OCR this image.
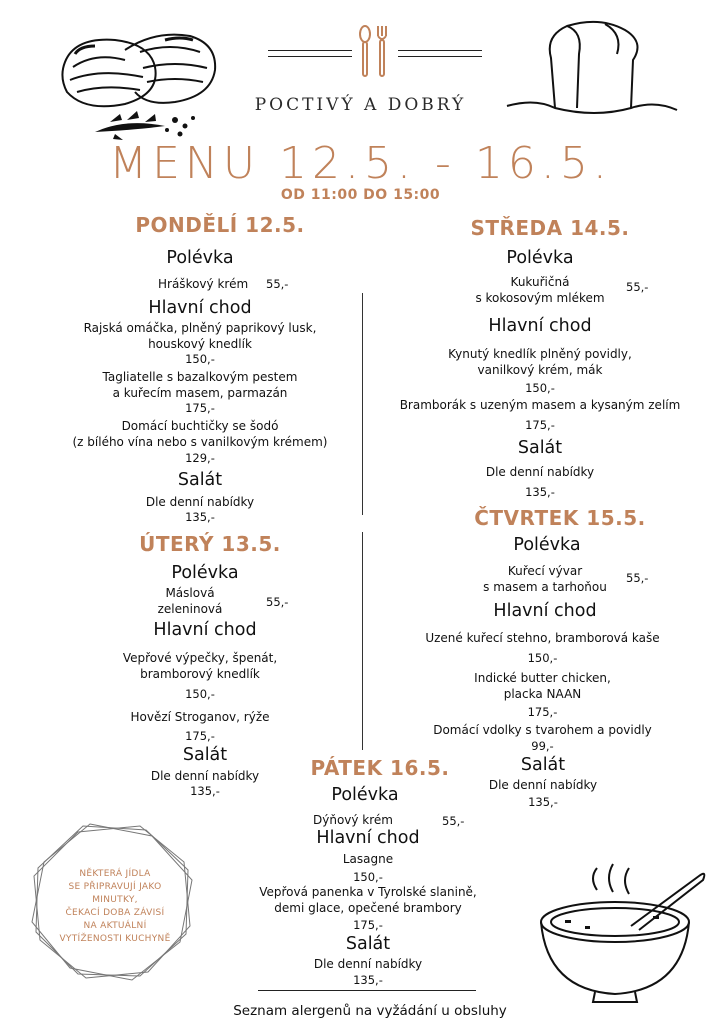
POCTIVÝ A DOBRÝ
MENU 12.5. - 16.5.
OD 11:00 DO 15:00
PONDĚLÍ 12.5.
Polévka
Hráškový krém 55,-
Hlavní chod
Rajská omáčka, plněný paprikový lusk,
houskový knedlík
150,-
Tagliatelle s bazalkovým pestem
a kuřecím masem, parmazán
175,-
Domácí buchtičky se šodó
(z bílého vína nebo s vanilkovým krémem)
129,-
Salát
Dle denní nabídky
135,-
ÚTERÝ 13.5.
Polévka
Máslová
zeleninová	55,-
Hlavní chod
Vepřové výpečky, špenát,
bramborový knedlík
150,-
Hovězí Stroganov, rýže
175,-
Salát
Dle denní nabídky
135,-
STŘEDA 14.5.
Polévka
Kukuřičná
s kokosovým mlékem
55,-
Hlavní chod
Kynutý knedlík plněný povidly,
vanilkový krém, mák
150,-
Bramborák s uzeným masem a kysaným zelím
175,-
Salát
Dle denní nabídky
135,-
ČTVRTEK 15.5.
Polévka
Kuřecí vývar
s masem a tarhoňou
55,-
Hlavní chod
Uzené kuřecí stehno, bramborová kaše
150,-
Indické butter chicken,
placka NAAN
175,-
Domácí vdolky s tvarohem a povidly
99,-
Salát
Dle denní nabídky
135,-
PÁTEK 16.5.
Polévka
Dýňový krém	55,-
Hlavní chod
Lasagne
150,-
Vepřová panenka v Tyrolské slanině,
demi glace, opečené brambory
175,-
Salát
Dle denní nabídky
135,-
NĚKTERÁ JÍDLA
SE PŘIPRAVUJÍ JAKO
MINUTKY,
ČEKACÍ DOBA ZÁVISÍ
NA AKTUÁLNÍ
VYTÍŽENOSTI KUCHYNĚ
Seznam alergenů na vyžádání u obsluhy
